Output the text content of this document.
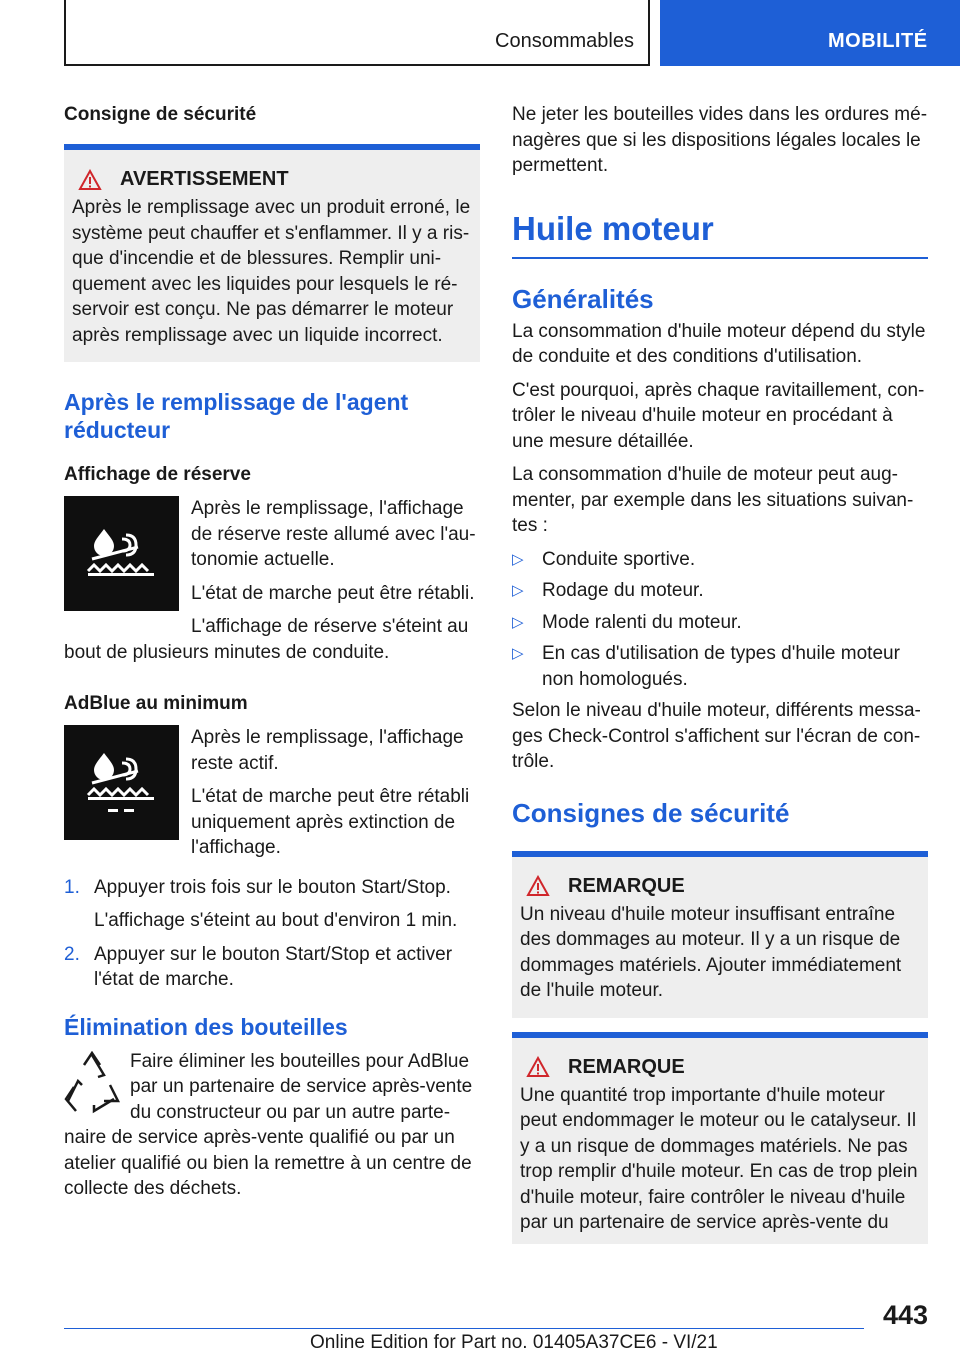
Consommables	MOBILITÉ
Consigne de sécurité
AVERTISSEMENT

Après le remplissage avec un produit erroné, le système peut chauffer et s'enflammer. Il y a ris- que d'incendie et de blessures. Remplir uni- quement avec les liquides pour lesquels le ré- servoir est conçu. Ne pas démarrer le moteur après remplissage avec un liquide incorrect.

Après le remplissage de l'agent réducteur
Affichage de réserve

Après le remplissage, l'affichage de réserve reste allumé avec l'au- tonomie actuelle.

L'état de marche peut être rétabli.

L'affichage de réserve s'éteint au bout de plusieurs minutes de conduite.

AdBlue au minimum

Après le remplissage, l'affichage reste actif.

L'état de marche peut être rétabli uniquement après extinction de l'affichage.

1. Appuyer trois fois sur le bouton Start/Stop.
L'affichage s'éteint au bout d'environ 1 min.
2. Appuyer sur le bouton Start/Stop et activer l'état de marche.
Élimination des bouteilles

Faire éliminer les bouteilles pour AdBlue par un partenaire de service après-vente du constructeur ou par un autre parte- naire de service après-vente qualifié ou par un atelier qualifié ou bien la remettre à un centre de collecte des déchets.

Ne jeter les bouteilles vides dans les ordures mé- nagères que si les dispositions légales locales le permettent.

Huile moteur
Généralités

La consommation d'huile moteur dépend du style de conduite et des conditions d'utilisation.

C'est pourquoi, après chaque ravitaillement, con- trôler le niveau d'huile moteur en procédant à une mesure détaillée.

La consommation d'huile de moteur peut aug- menter, par exemple dans les situations suivan- tes :

▷ Conduite sportive.
▷ Rodage du moteur.
▷ Mode ralenti du moteur.
▷ En cas d'utilisation de types d'huile moteur non homologués.

Selon le niveau d'huile moteur, différents messa- ges Check-Control s'affichent sur l'écran de con- trôle.

Consignes de sécurité
REMARQUE

Un niveau d'huile moteur insuffisant entraîne des dommages au moteur. Il y a un risque de dommages matériels. Ajouter immédiatement de l'huile moteur.

REMARQUE

Une quantité trop importante d'huile moteur peut endommager le moteur ou le catalyseur. Il y a un risque de dommages matériels. Ne pas trop remplir d'huile moteur. En cas de trop plein d'huile moteur, faire contrôler le niveau d'huile par un partenaire de service après-vente du

443
Online Edition for Part no. 01405A37CE6 - VI/21
